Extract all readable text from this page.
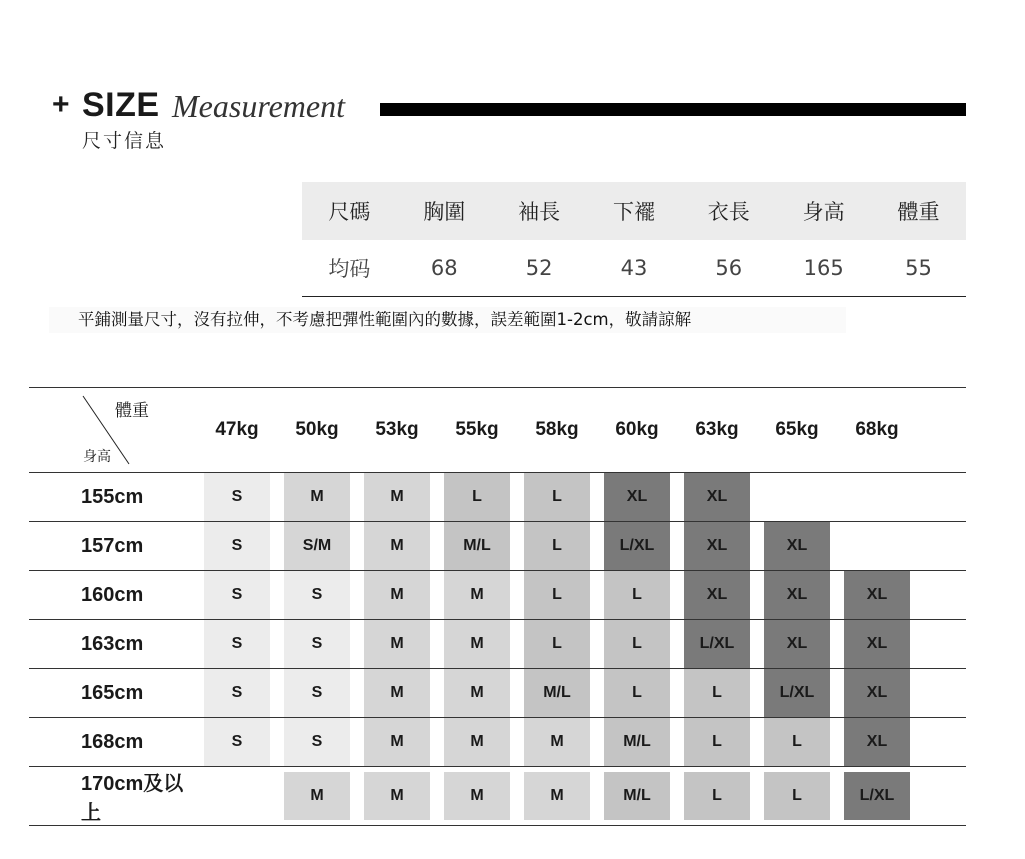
+ SIZE Measurement
尺寸信息
尺碼	胸圍	袖長	下襬	衣長	身高	體重
均码	68	52	43	56	165	55
平鋪測量尺寸，沒有拉伸，不考慮把彈性範圍內的數據，誤差範圍1-2cm，敬請諒解
體重
身高	47kg	50kg	53kg	55kg	58kg	60kg	63kg	65kg	68kg	
155cm	S	M	M	L	L	XL	XL			

157cm	S	S/M	M	M/L	L	L/XL	XL	XL		

160cm	S	S	M	M	L	L	XL	XL	XL	

163cm	S	S	M	M	L	L	L/XL	XL	XL	

165cm	S	S	M	M	M/L	L	L	L/XL	XL	

168cm	S	S	M	M	M	M/L	L	L	XL	

170cm及以上		M	M	M	M	M/L	L	L	L/XL	
